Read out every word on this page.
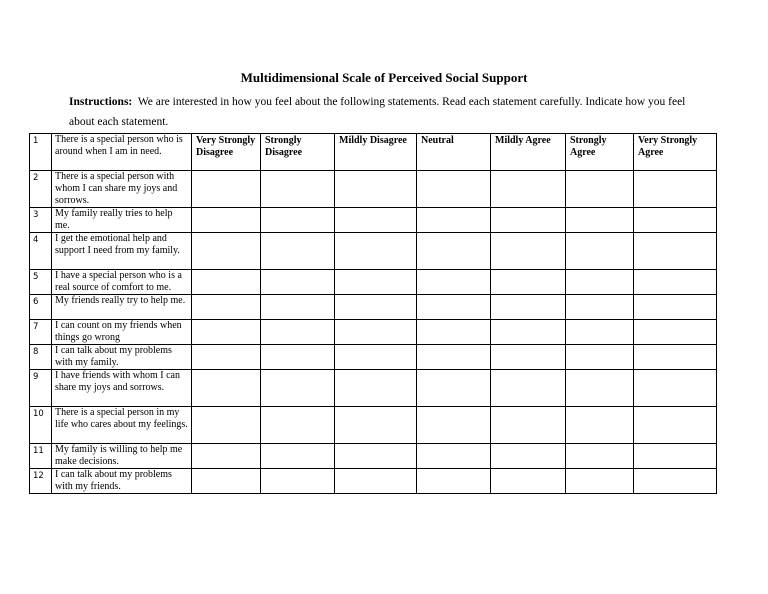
Multidimensional Scale of Perceived Social Support
Instructions: We are interested in how you feel about the following statements. Read each statement carefully. Indicate how you feel about each statement.
1	There is a special person who is around when I am in need.	Very Strongly Disagree	Strongly Disagree	Mildly Disagree	Neutral	Mildly Agree	Strongly Agree	Very Strongly Agree
2	There is a special person with whom I can share my joys and sorrows.							
3	My family really tries to help me.							
4	I get the emotional help and support I need from my family.							
5	I have a special person who is a real source of comfort to me.							
6	My friends really try to help me.							
7	I can count on my friends when things go wrong							
8	I can talk about my problems with my family.							
9	I have friends with whom I can share my joys and sorrows.							
10	There is a special person in my life who cares about my feelings.							
11	My family is willing to help me make decisions.							
12	I can talk about my problems with my friends.							
